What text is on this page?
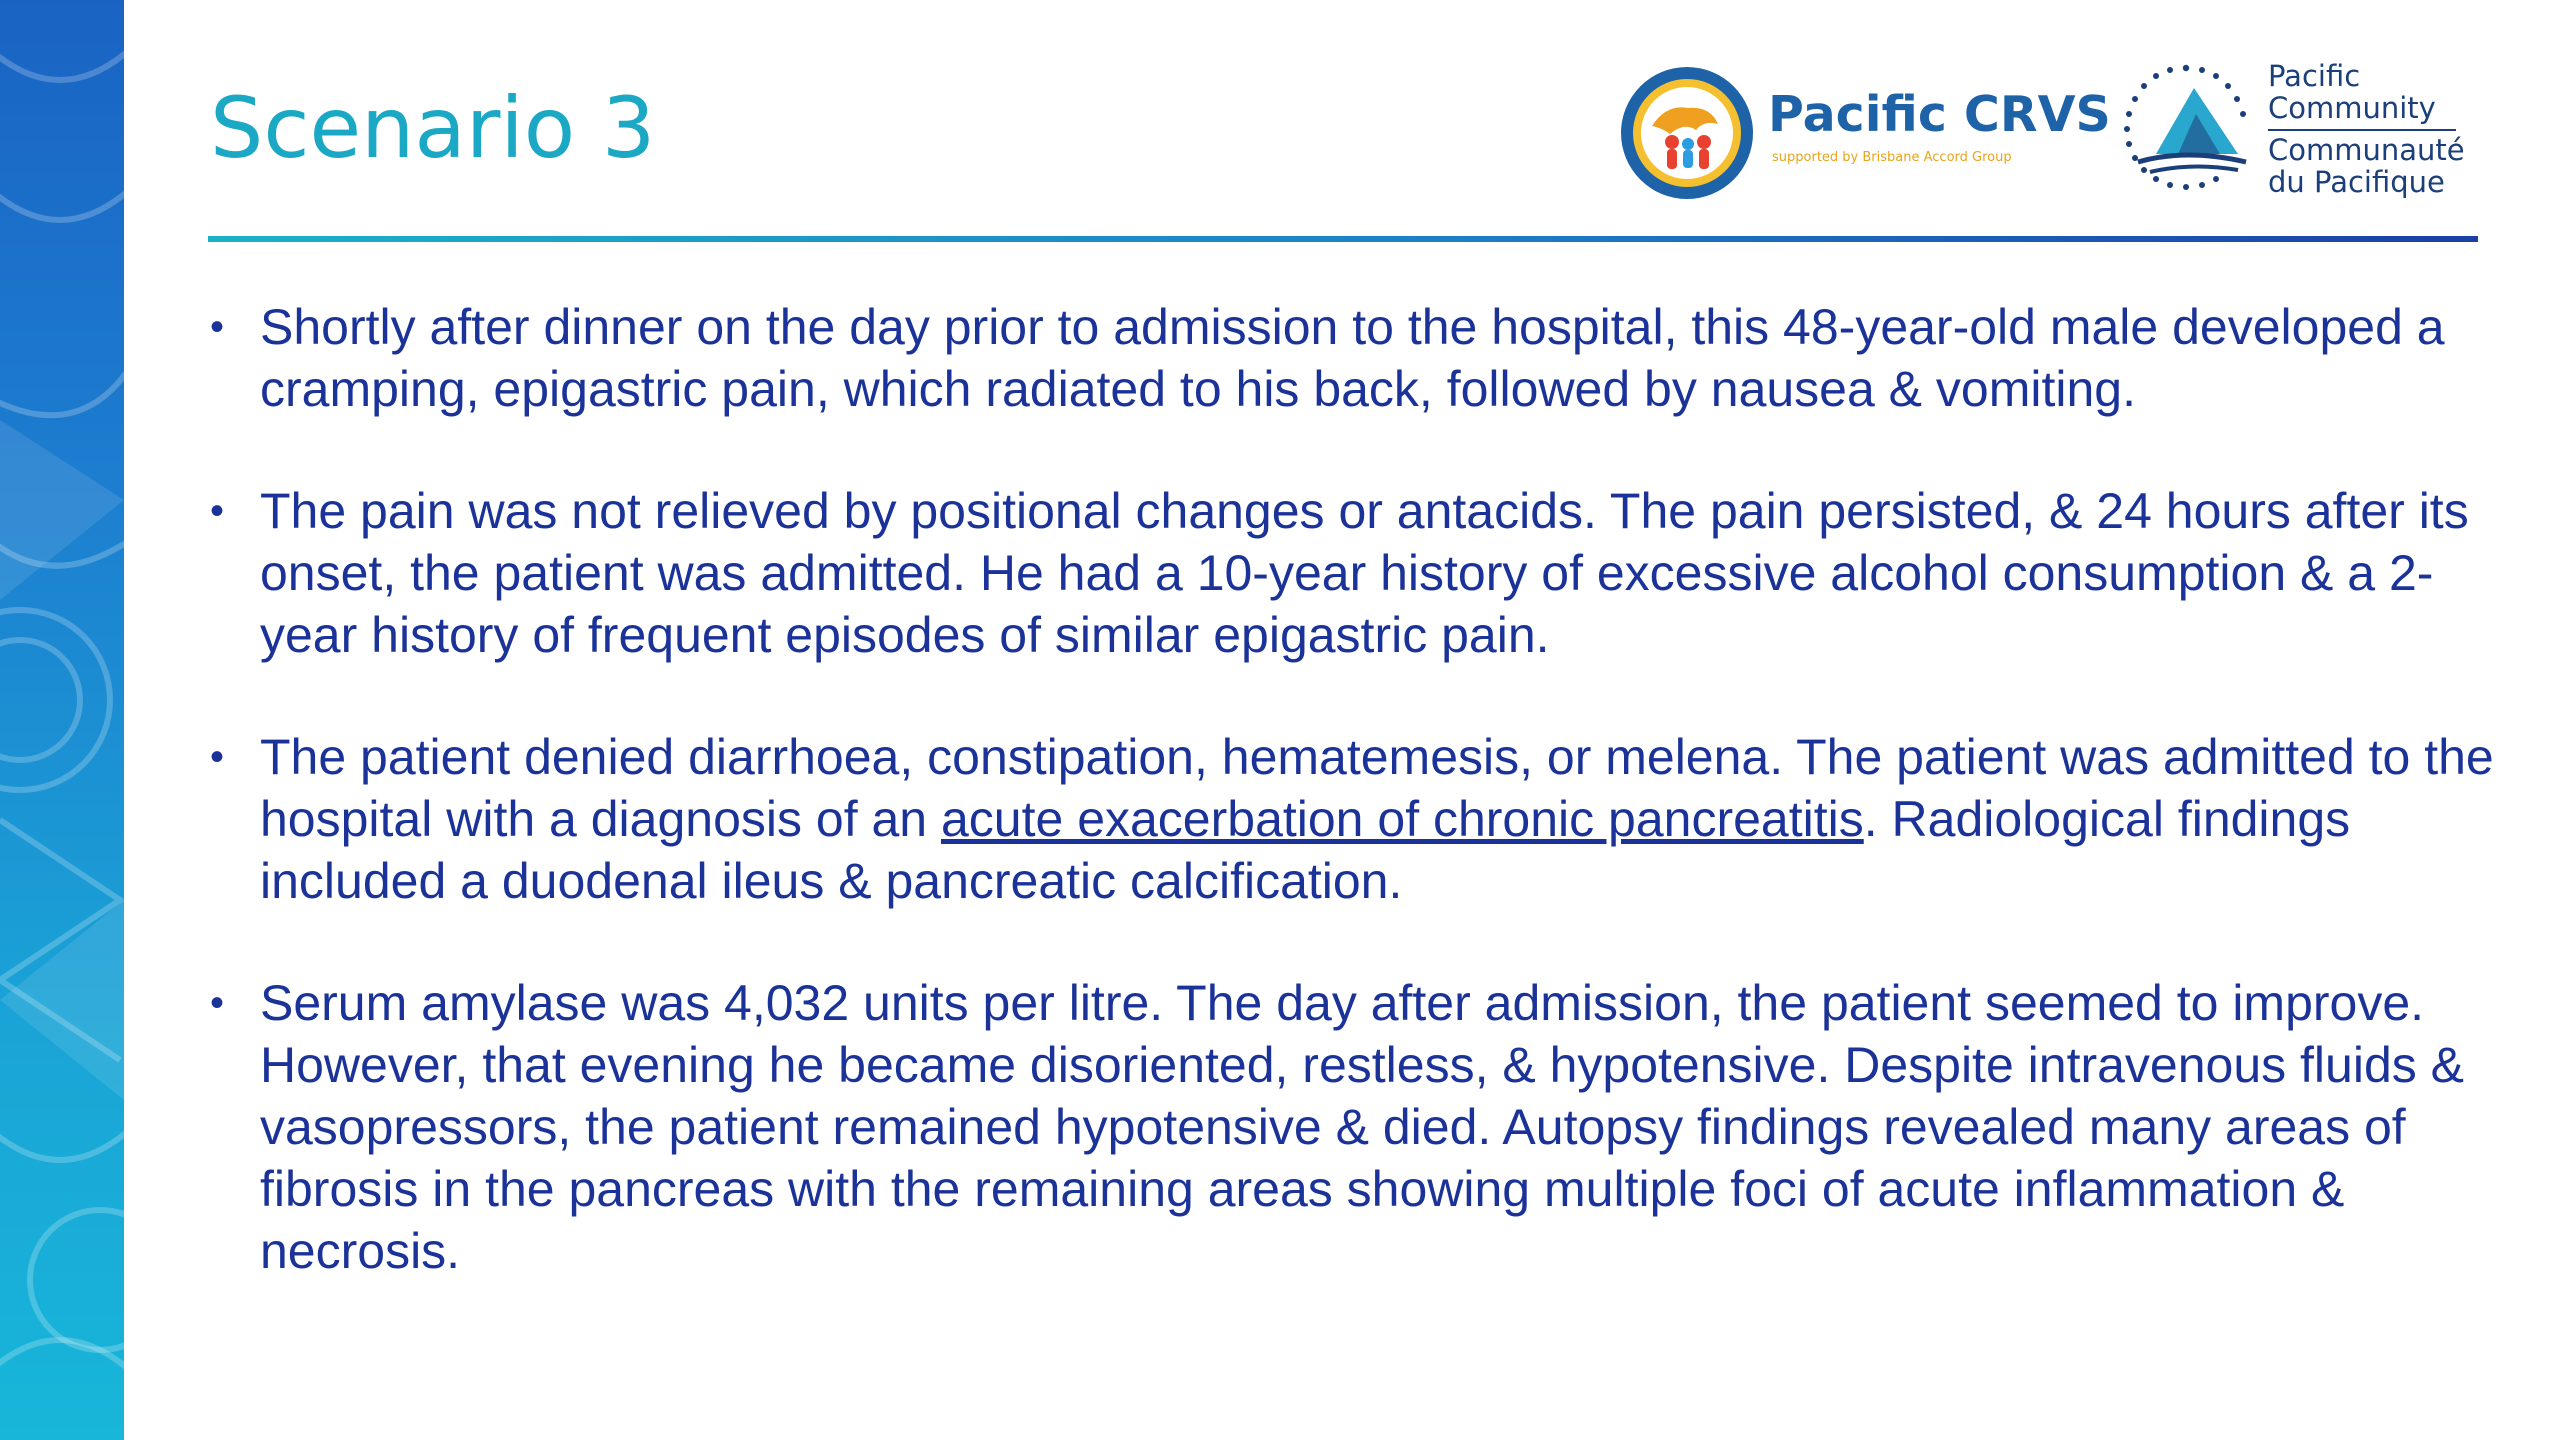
Scenario 3	Pacific CRVS
supported by Brisbane Accord Group
Pacific
Community
Communauté
du Pacifique
• Shortly after dinner on the day prior to admission to the hospital, this 48-year-old male developed a cramping, epigastric pain, which radiated to his back, followed by nausea & vomiting.
• The pain was not relieved by positional changes or antacids. The pain persisted, & 24 hours after its onset, the patient was admitted. He had a 10-year history of excessive alcohol consumption & a 2-year history of frequent episodes of similar epigastric pain.
• The patient denied diarrhoea, constipation, hematemesis, or melena. The patient was admitted to the hospital with a diagnosis of an acute exacerbation of chronic pancreatitis. Radiological findings included a duodenal ileus & pancreatic calcification.
• Serum amylase was 4,032 units per litre. The day after admission, the patient seemed to improve. However, that evening he became disoriented, restless, & hypotensive. Despite intravenous fluids & vasopressors, the patient remained hypotensive & died. Autopsy findings revealed many areas of fibrosis in the pancreas with the remaining areas showing multiple foci of acute inflammation & necrosis.
